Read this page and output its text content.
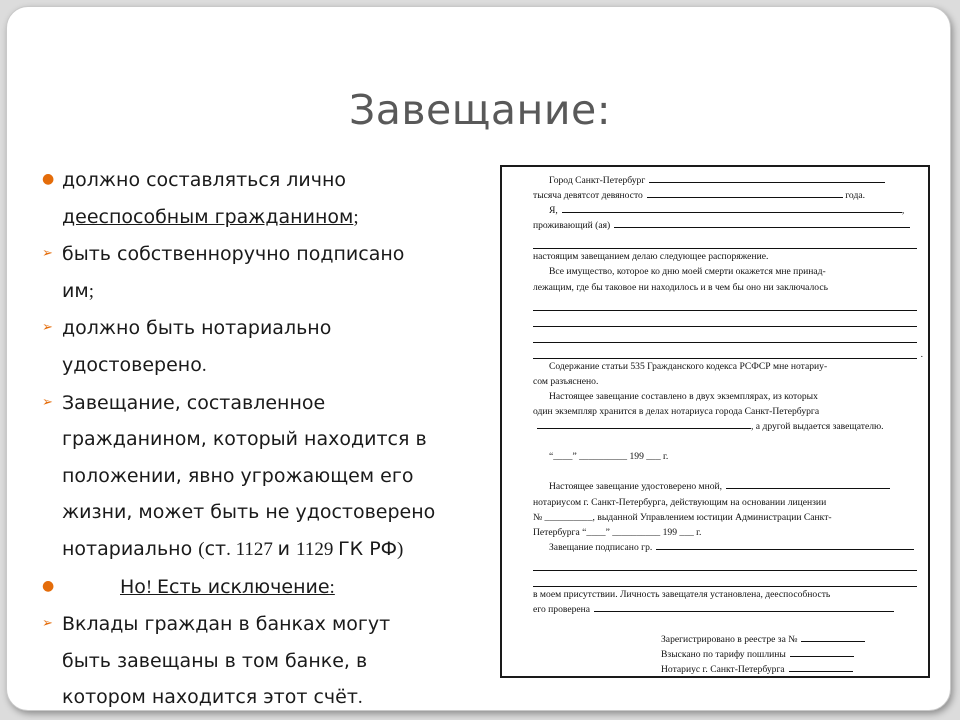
Завещание:
● должно составляться лично
дееспособным гражданином;
➢ быть собственноручно подписано
им;
➢ должно быть нотариально
удостоверено.
➢ Завещание, составленное
гражданином, который находится в
положении, явно угрожающем его
жизни, может быть не удостоверено
нотариально (ст. 1127 и 1129 ГК РФ)
●	Но! Есть исключение:
➢ Вклады граждан в банках могут
быть завещаны в том банке, в
котором находится этот счёт.
Город Санкт-Петербург
тысяча девятсот девяносто	года.
Я,	,
проживающий (ая)
настоящим завещанием делаю следующее распоряжение.
Все имущество, которое ко дню моей смерти окажется мне принад-
лежащим, где бы таковое ни находилось и в чем бы оно ни заключалось
.
Содержание статьи 535 Гражданского кодекса РСФСР мне нотариу-
сом разъяснено.
Настоящее завещание составлено в двух экземплярах, из которых
один экземпляр хранится в делах нотариуса города Санкт-Петербурга
, а другой выдается завещателю.
“____” __________ 199 ___ г.
Настоящее завещание удостоверено мной,
нотариусом г. Санкт-Петербурга, действующим на основании лицензии
№ __________, выданной Управлением юстиции Администрации Санкт-
Петербурга “____” __________ 199 ___ г.
Завещание подписано гр.
в моем присутствии. Личность завещателя установлена, дееспособность
его проверена
Зарегистрировано в реестре за №
Взыскано по тарифу пошлины
Нотариус г. Санкт-Петербурга
